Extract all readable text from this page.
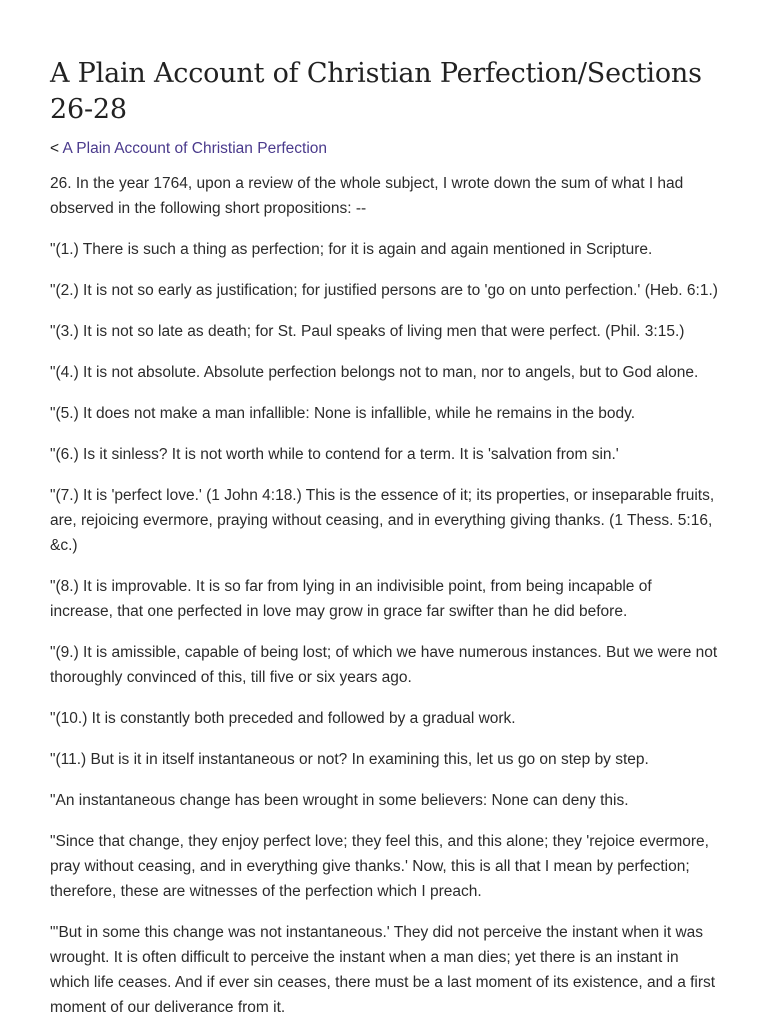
A Plain Account of Christian Perfection/Sections 26-28
< A Plain Account of Christian Perfection

26. In the year 1764, upon a review of the whole subject, I wrote down the sum of what I had observed in the following short propositions: --

"(1.) There is such a thing as perfection; for it is again and again mentioned in Scripture.

"(2.) It is not so early as justification; for justified persons are to 'go on unto perfection.' (Heb. 6:1.)

"(3.) It is not so late as death; for St. Paul speaks of living men that were perfect. (Phil. 3:15.)

"(4.) It is not absolute. Absolute perfection belongs not to man, nor to angels, but to God alone.

"(5.) It does not make a man infallible: None is infallible, while he remains in the body.

"(6.) Is it sinless? It is not worth while to contend for a term. It is 'salvation from sin.'

"(7.) It is 'perfect love.' (1 John 4:18.) This is the essence of it; its properties, or inseparable fruits, are, rejoicing evermore, praying without ceasing, and in everything giving thanks. (1 Thess. 5:16, &c.)

"(8.) It is improvable. It is so far from lying in an indivisible point, from being incapable of increase, that one perfected in love may grow in grace far swifter than he did before.

"(9.) It is amissible, capable of being lost; of which we have numerous instances. But we were not thoroughly convinced of this, till five or six years ago.

"(10.) It is constantly both preceded and followed by a gradual work.

"(11.) But is it in itself instantaneous or not? In examining this, let us go on step by step.

"An instantaneous change has been wrought in some believers: None can deny this.

"Since that change, they enjoy perfect love; they feel this, and this alone; they 'rejoice evermore, pray without ceasing, and in everything give thanks.' Now, this is all that I mean by perfection; therefore, these are witnesses of the perfection which I preach.

"'But in some this change was not instantaneous.' They did not perceive the instant when it was wrought. It is often difficult to perceive the instant when a man dies; yet there is an instant in which life ceases. And if ever sin ceases, there must be a last moment of its existence, and a first moment of our deliverance from it.
